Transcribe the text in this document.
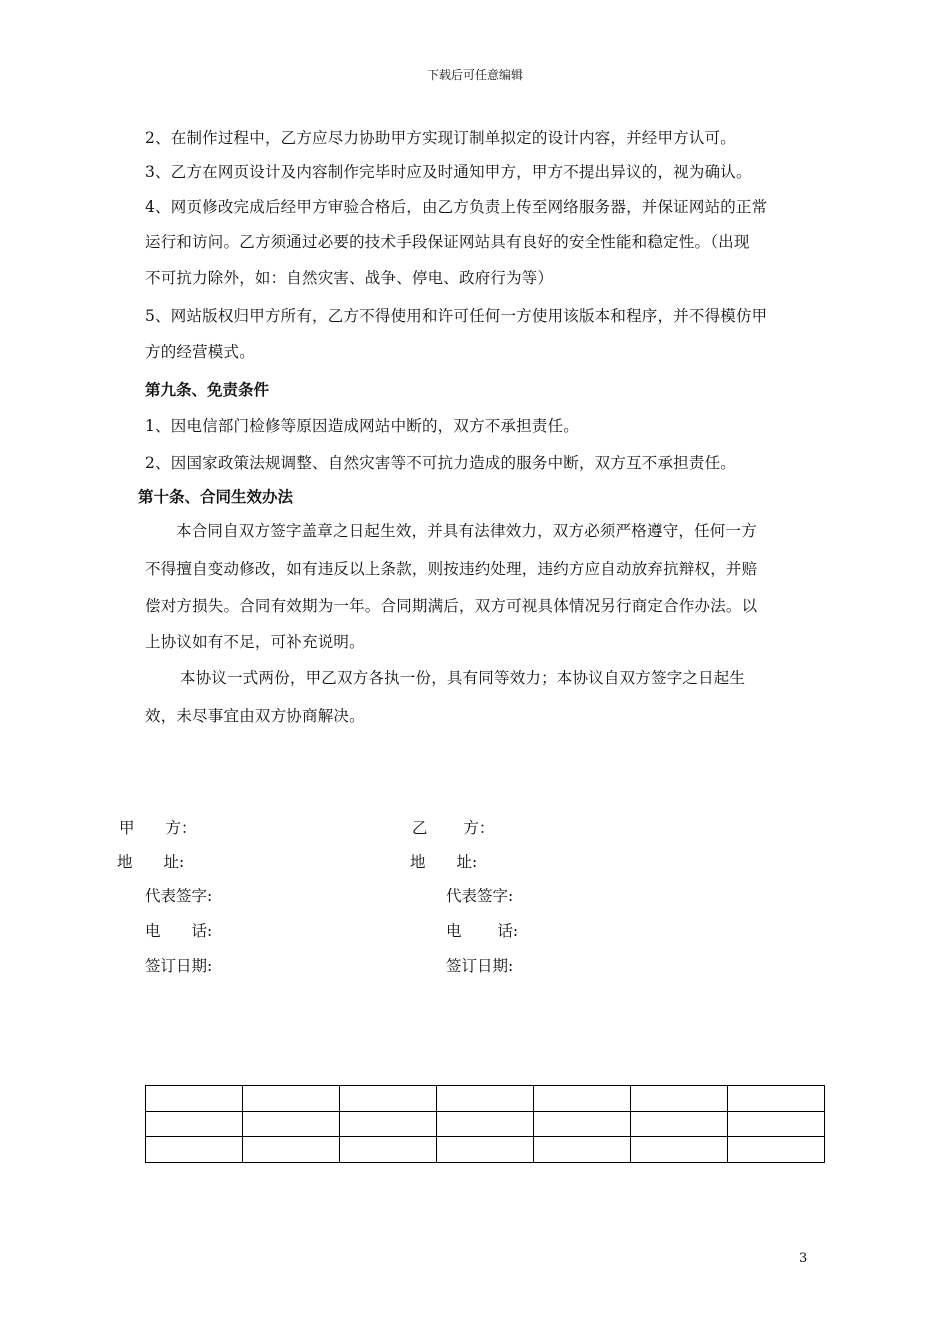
下载后可任意编辑
2、在制作过程中，乙方应尽力协助甲方实现订制单拟定的设计内容，并经甲方认可。
3、乙方在网页设计及内容制作完毕时应及时通知甲方，甲方不提出异议的，视为确认。
4、网页修改完成后经甲方审验合格后，由乙方负责上传至网络服务器，并保证网站的正常
运行和访问。乙方须通过必要的技术手段保证网站具有良好的安全性能和稳定性。（出现
不可抗力除外，如：自然灾害、战争、停电、政府行为等）
5、网站版权归甲方所有，乙方不得使用和许可任何一方使用该版本和程序，并不得模仿甲
方的经营模式。
第九条、免责条件
1、因电信部门检修等原因造成网站中断的，双方不承担责任。
2、因国家政策法规调整、自然灾害等不可抗力造成的服务中断，双方互不承担责任。
第十条、合同生效办法
本合同自双方签字盖章之日起生效，并具有法律效力，双方必须严格遵守，任何一方
不得擅自变动修改，如有违反以上条款，则按违约处理，违约方应自动放弃抗辩权，并赔
偿对方损失。合同有效期为一年。合同期满后，双方可视具体情况另行商定合作办法。以
上协议如有不足，可补充说明。
本协议一式两份，甲乙双方各执一份，具有同等效力；本协议自双方签字之日起生
效，未尽事宜由双方协商解决。
甲　　方：	乙　　 方：
地　　址:	地　　址:
代表签字:	代表签字:
电　　话:	电　　 话:
签订日期:	签订日期:

3
